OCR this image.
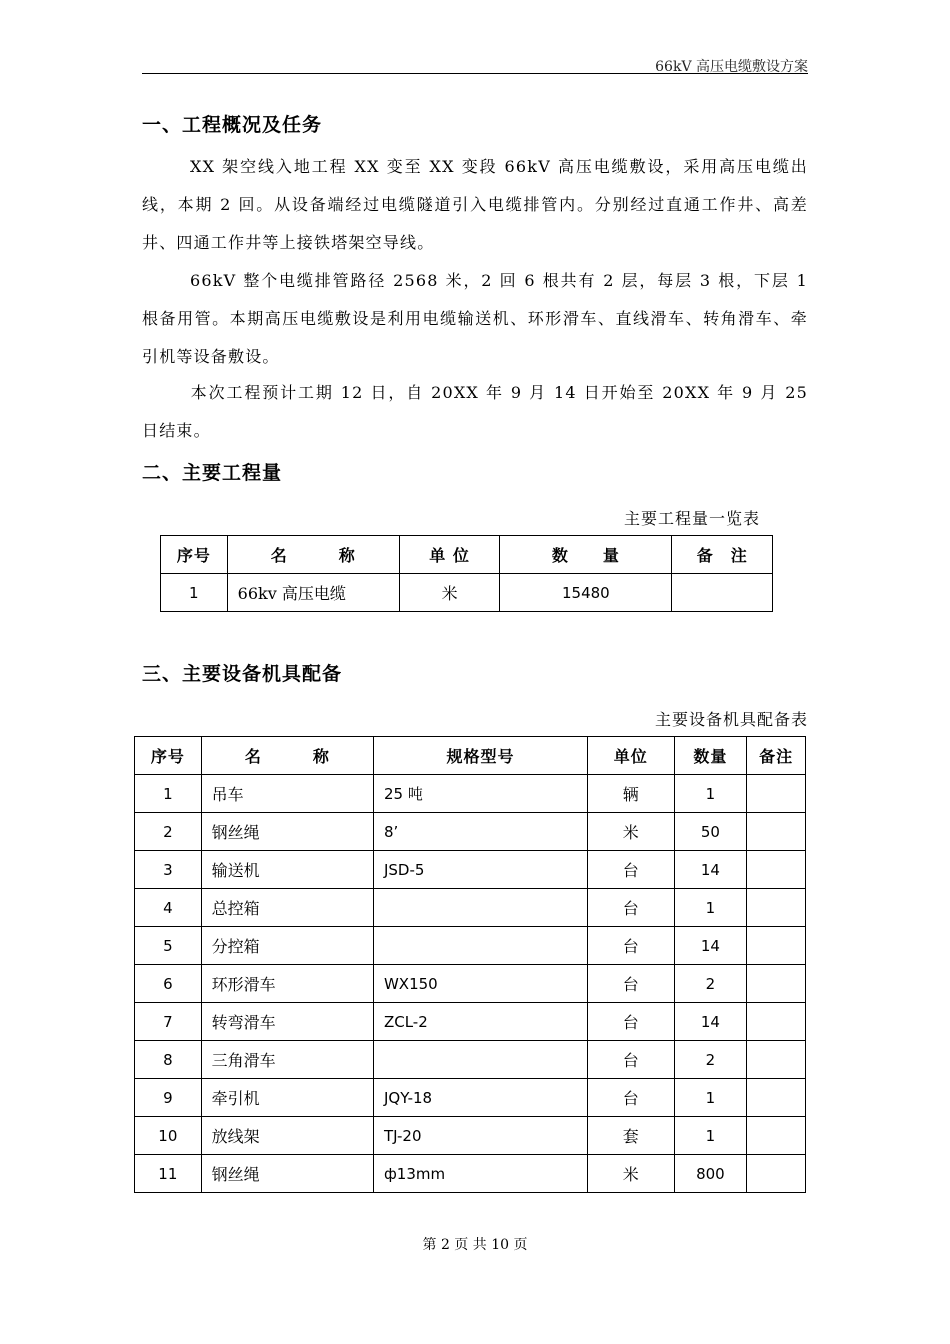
66kV 高压电缆敷设方案
一、工程概况及任务

XX 架空线入地工程 XX 变至 XX 变段 66kV 高压电缆敷设，采用高压电缆出线，本期 2 回。从设备端经过电缆隧道引入电缆排管内。分别经过直通工作井、高差井、四通工作井等上接铁塔架空导线。

66kV 整个电缆排管路径 2568 米，2 回 6 根共有 2 层，每层 3 根，下层 1 根备用管。本期高压电缆敷设是利用电缆输送机、环形滑车、直线滑车、转角滑车、牵引机等设备敷设。

本次工程预计工期 12 日，自 20XX 年 9 月 14 日开始至 20XX 年 9 月 25 日结束。

二、主要工程量
主要工程量一览表
序号	名　　　称	单 位	数　　量	备　注
1	66kv 高压电缆	米	15480	
三、主要设备机具配备
主要设备机具配备表
序号	名　　　称	规格型号	单位	数量	备注
1	吊车	25 吨	辆	1	
2	钢丝绳	8’	米	50	
3	输送机	JSD-5	台	14	
4	总控箱		台	1	
5	分控箱		台	14	
6	环形滑车	WX150	台	2	
7	转弯滑车	ZCL-2	台	14	
8	三角滑车		台	2	
9	牵引机	JQY-18	台	1	
10	放线架	TJ-20	套	1	
11	钢丝绳	ф13mm	米	800	
第 2 页 共 10 页
